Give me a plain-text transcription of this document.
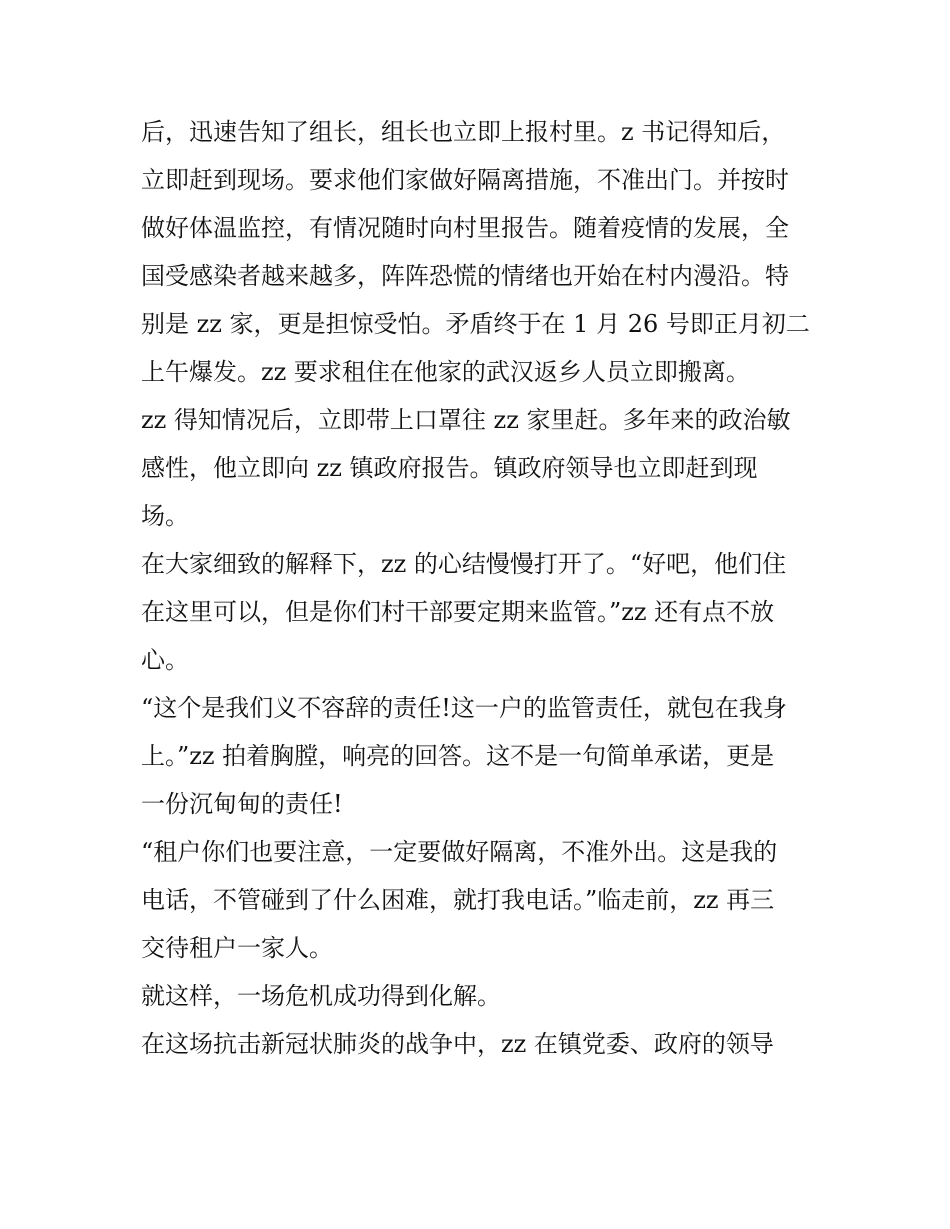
后，迅速告知了组长，组长也立即上报村里。z 书记得知后，
立即赶到现场。要求他们家做好隔离措施，不准出门。并按时
做好体温监控，有情况随时向村里报告。随着疫情的发展，全
国受感染者越来越多，阵阵恐慌的情绪也开始在村内漫沿。特
别是 zz 家，更是担惊受怕。矛盾终于在 1 月 26 号即正月初二
上午爆发。zz 要求租住在他家的武汉返乡人员立即搬离。
zz 得知情况后，立即带上口罩往 zz 家里赶。多年来的政治敏
感性，他立即向 zz 镇政府报告。镇政府领导也立即赶到现
场。
在大家细致的解释下，zz 的心结慢慢打开了。“好吧，他们住
在这里可以，但是你们村干部要定期来监管。”zz 还有点不放
心。
“这个是我们义不容辞的责任!这一户的监管责任，就包在我身
上。”zz 拍着胸膛，响亮的回答。这不是一句简单承诺，更是
一份沉甸甸的责任!
“租户你们也要注意，一定要做好隔离，不准外出。这是我的
电话，不管碰到了什么困难，就打我电话。”临走前，zz 再三
交待租户一家人。
就这样，一场危机成功得到化解。
在这场抗击新冠状肺炎的战争中，zz 在镇党委、政府的领导
